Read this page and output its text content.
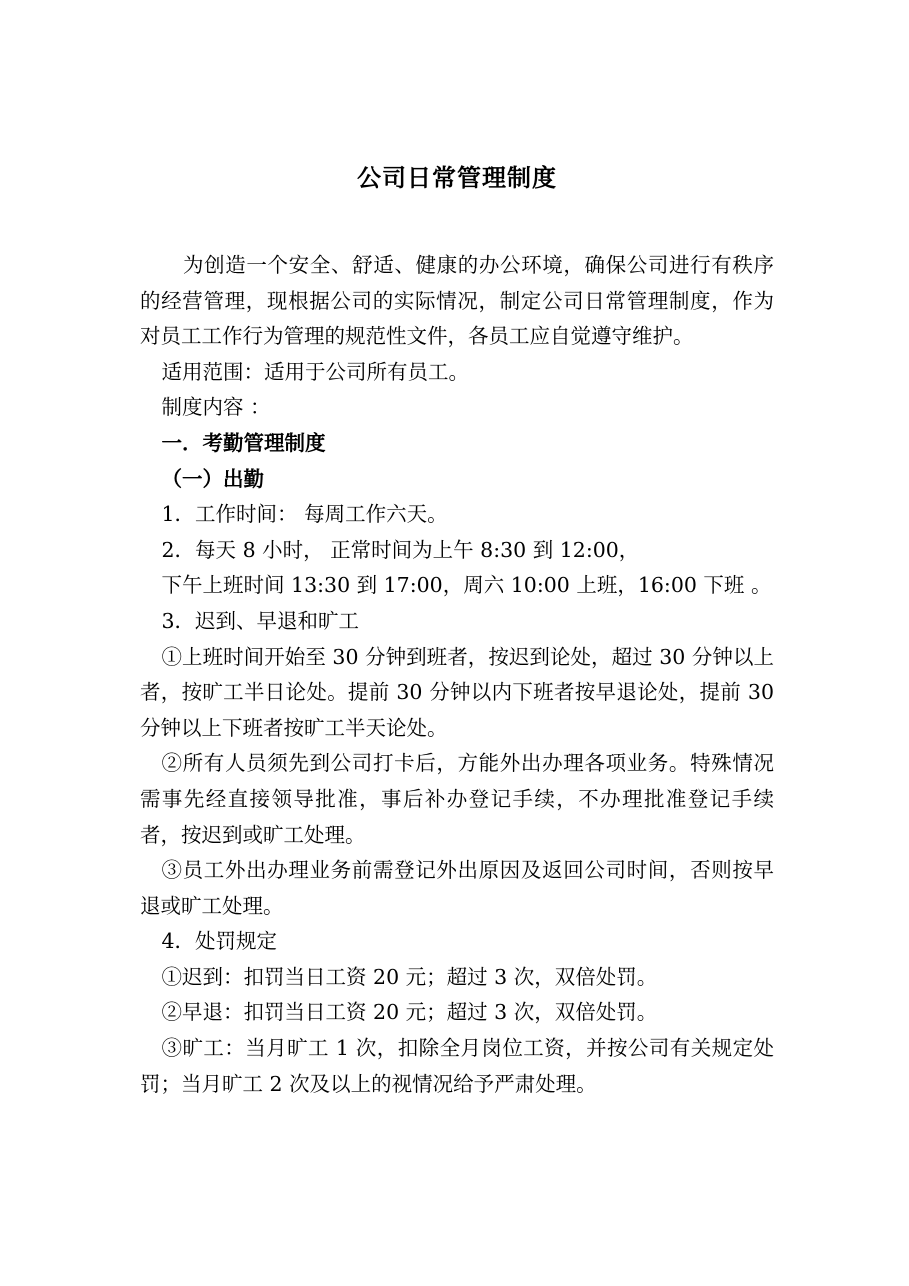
公司日常管理制度

为创造一个安全、舒适、健康的办公环境，确保公司进行有秩序的经营管理，现根据公司的实际情况，制定公司日常管理制度，作为对员工工作行为管理的规范性文件，各员工应自觉遵守维护。

适用范围：适用于公司所有员工。

制度内容 ：

一．考勤管理制度

（一）出勤

1．工作时间： 每周工作六天。

2．每天 8 小时， 正常时间为上午 8:30 到 12:00，

下午上班时间 13:30 到 17:00，周六 10:00 上班，16:00 下班 。

3．迟到、早退和旷工

①上班时间开始至 30 分钟到班者，按迟到论处，超过 30 分钟以上者，按旷工半日论处。提前 30 分钟以内下班者按早退论处，提前 30 分钟以上下班者按旷工半天论处。

②所有人员须先到公司打卡后，方能外出办理各项业务。特殊情况需事先经直接领导批准，事后补办登记手续，不办理批准登记手续者，按迟到或旷工处理。

③员工外出办理业务前需登记外出原因及返回公司时间，否则按早退或旷工处理。

4．处罚规定

①迟到：扣罚当日工资 20 元；超过 3 次，双倍处罚。

②早退：扣罚当日工资 20 元；超过 3 次，双倍处罚。

③旷工：当月旷工 1 次，扣除全月岗位工资，并按公司有关规定处罚；当月旷工 2 次及以上的视情况给予严肃处理。
